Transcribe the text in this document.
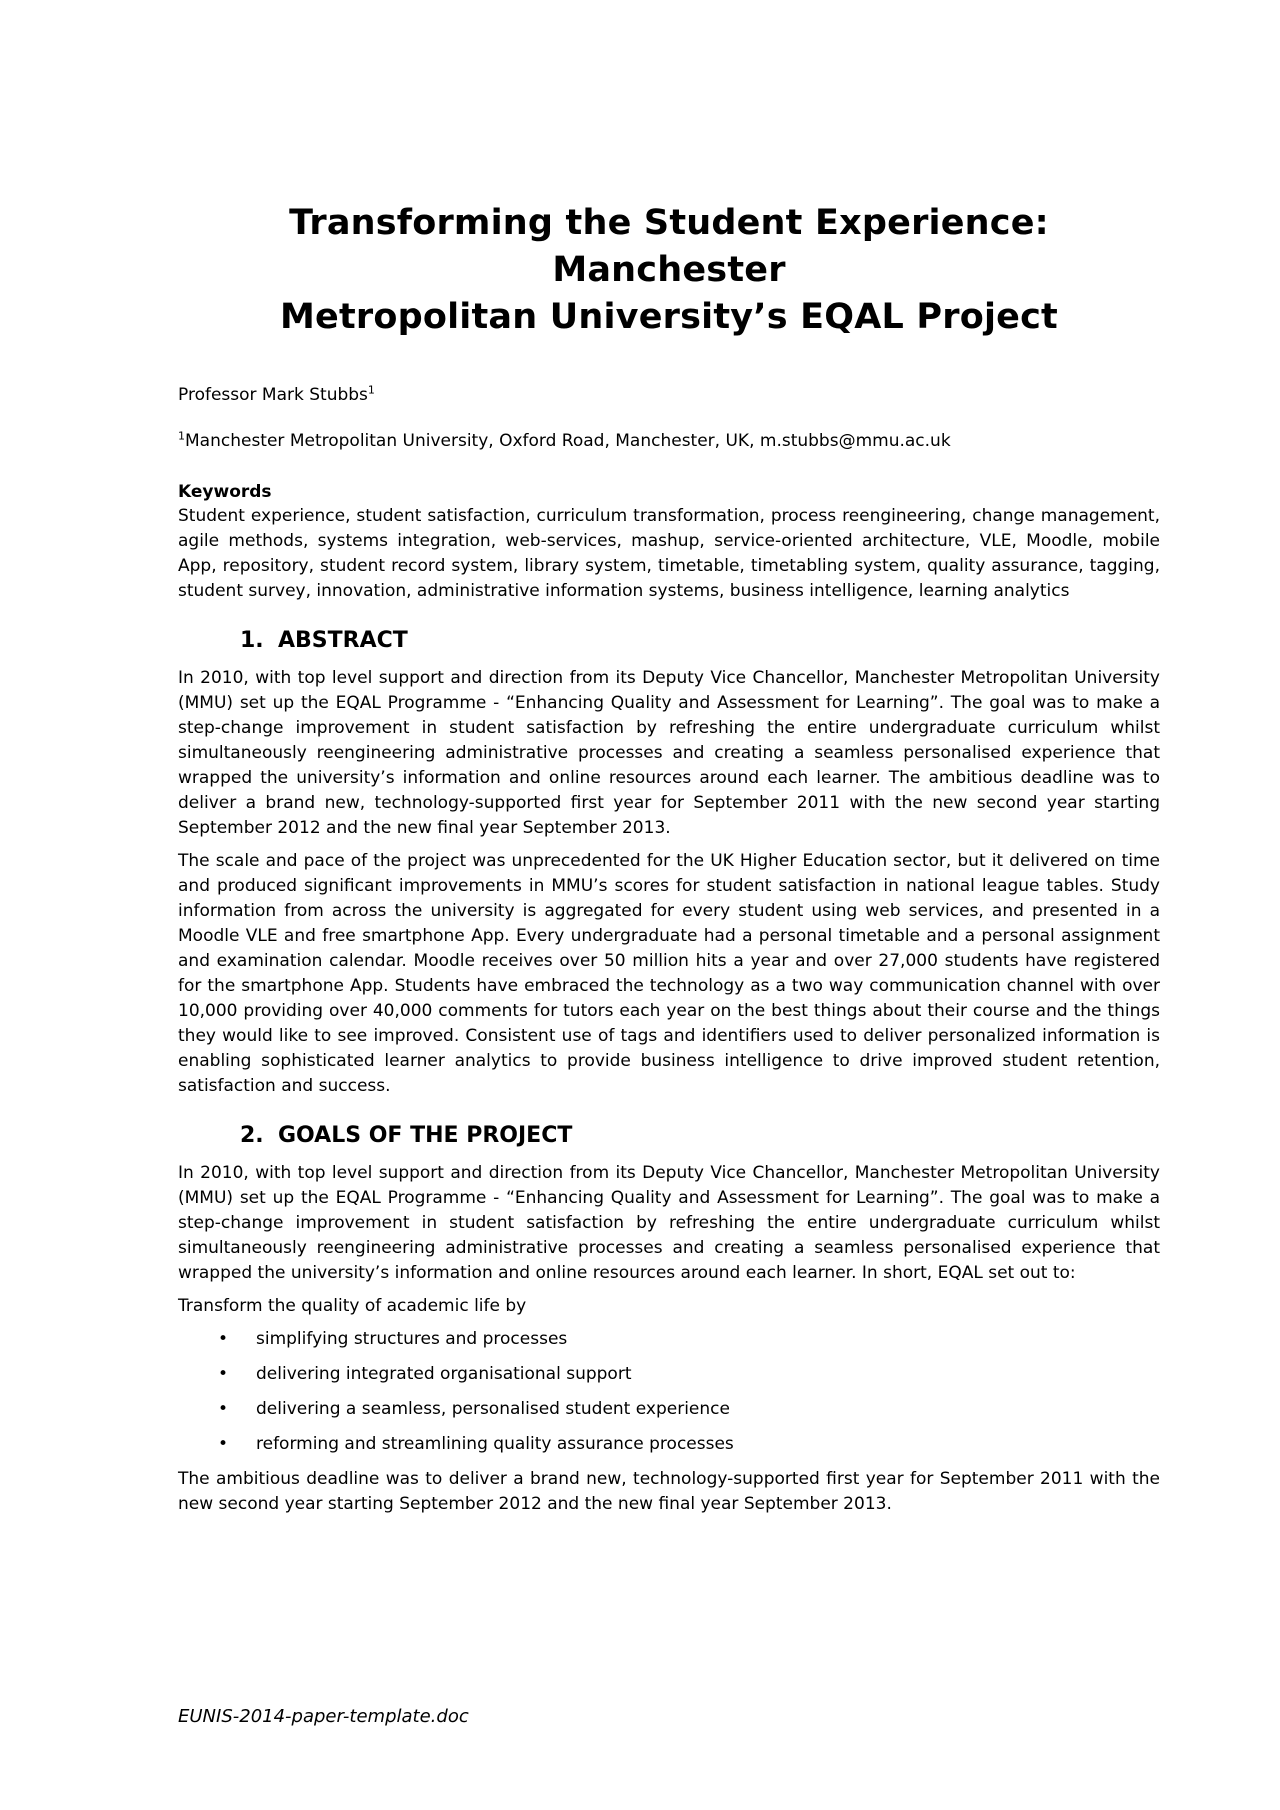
Transforming the Student Experience: Manchester
Metropolitan University’s EQAL Project
Professor Mark Stubbs$^1$
$^1$Manchester Metropolitan University, Oxford Road, Manchester, UK, m.stubbs@mmu.ac.uk
Keywords

Student experience, student satisfaction, curriculum transformation, process reengineering, change management, agile methods, systems integration, web-services, mashup, service-oriented architecture, VLE, Moodle, mobile App, repository, student record system, library system, timetable, timetabling system, quality assurance, tagging, student survey, innovation, administrative information systems, business intelligence, learning analytics

1. ABSTRACT

In 2010, with top level support and direction from its Deputy Vice Chancellor, Manchester Metropolitan University (MMU) set up the EQAL Programme - “Enhancing Quality and Assessment for Learning”. The goal was to make a step-change improvement in student satisfaction by refreshing the entire undergraduate curriculum whilst simultaneously reengineering administrative processes and creating a seamless personalised experience that wrapped the university’s information and online resources around each learner. The ambitious deadline was to deliver a brand new, technology-supported first year for September 2011 with the new second year starting September 2012 and the new final year September 2013.

The scale and pace of the project was unprecedented for the UK Higher Education sector, but it delivered on time and produced significant improvements in MMU’s scores for student satisfaction in national league tables. Study information from across the university is aggregated for every student using web services, and presented in a Moodle VLE and free smartphone App. Every undergraduate had a personal timetable and a personal assignment and examination calendar. Moodle receives over 50 million hits a year and over 27,000 students have registered for the smartphone App. Students have embraced the technology as a two way communication channel with over 10,000 providing over 40,000 comments for tutors each year on the best things about their course and the things they would like to see improved. Consistent use of tags and identifiers used to deliver personalized information is enabling sophisticated learner analytics to provide business intelligence to drive improved student retention, satisfaction and success.

2. GOALS OF THE PROJECT

In 2010, with top level support and direction from its Deputy Vice Chancellor, Manchester Metropolitan University (MMU) set up the EQAL Programme - “Enhancing Quality and Assessment for Learning”. The goal was to make a step-change improvement in student satisfaction by refreshing the entire undergraduate curriculum whilst simultaneously reengineering administrative processes and creating a seamless personalised experience that wrapped the university’s information and online resources around each learner. In short, EQAL set out to:

Transform the quality of academic life by

• simplifying structures and processes
• delivering integrated organisational support
• delivering a seamless, personalised student experience
• reforming and streamlining quality assurance processes

The ambitious deadline was to deliver a brand new, technology-supported first year for September 2011 with the new second year starting September 2012 and the new final year September 2013.

EUNIS-2014-paper-template.doc
